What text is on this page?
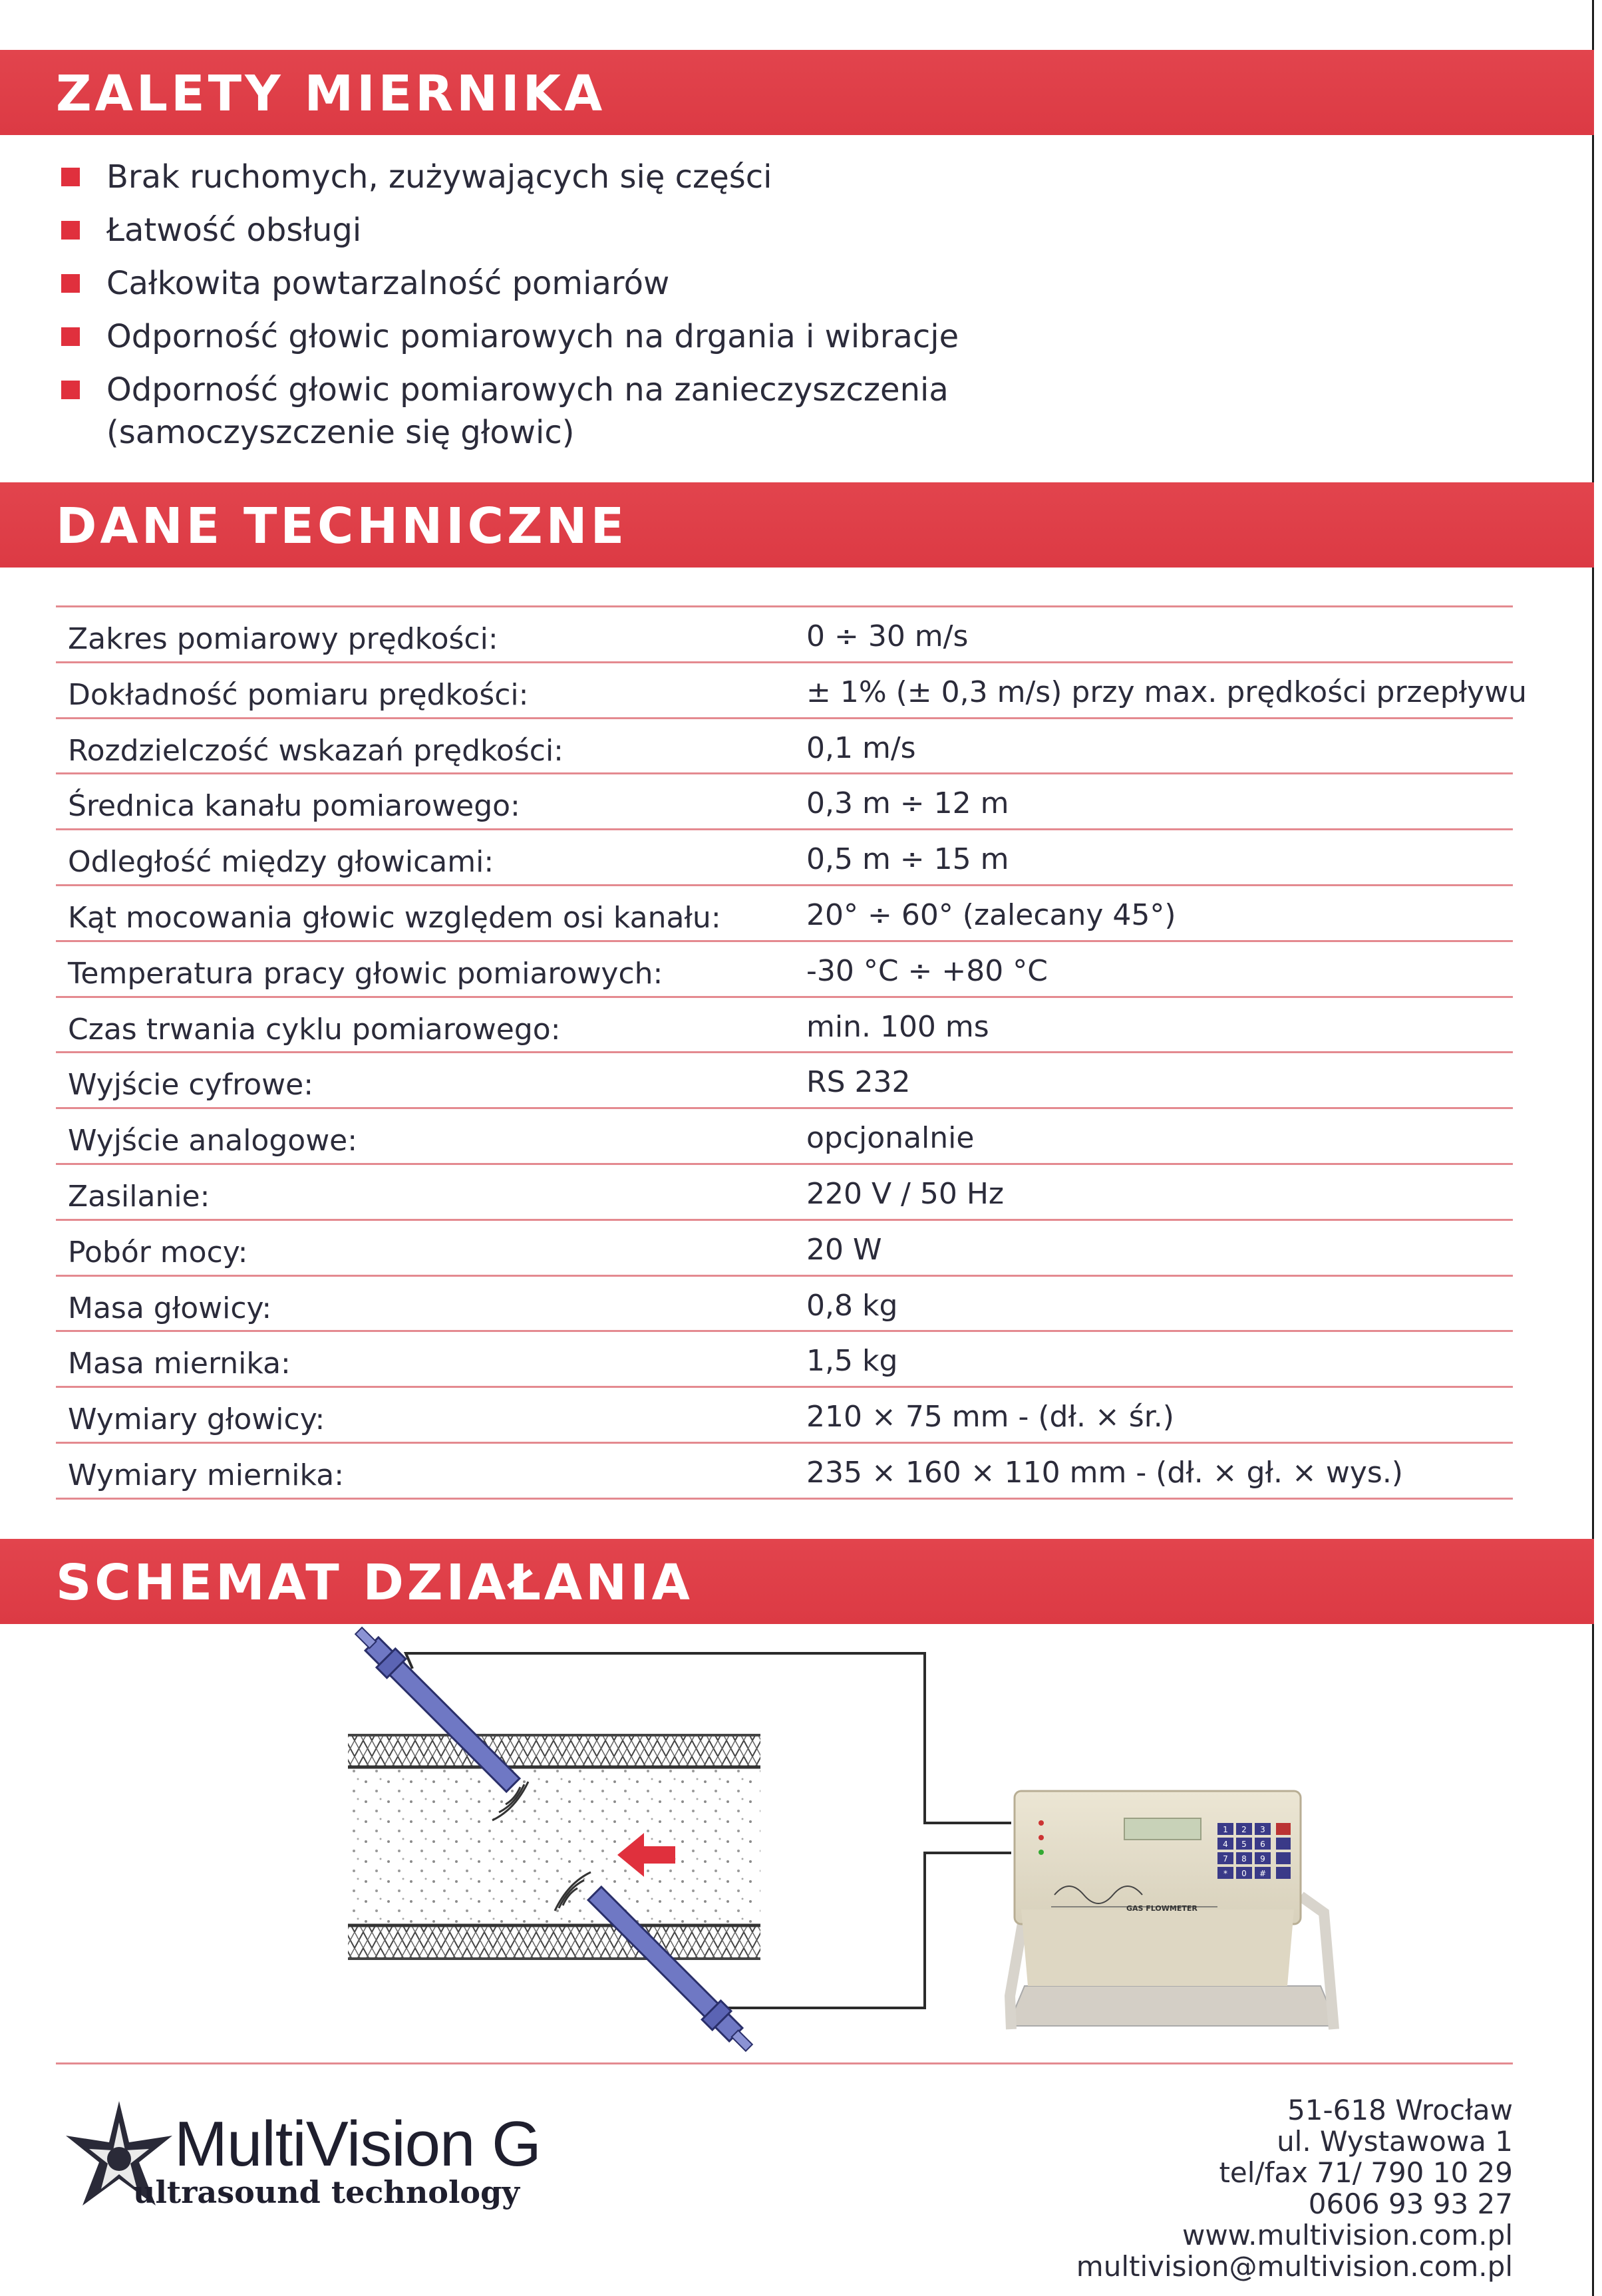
ZALETY MIERNIKA
Brak ruchomych, zużywających się części
Łatwość obsługi
Całkowita powtarzalność pomiarów
Odporność głowic pomiarowych na drgania i wibracje
Odporność głowic pomiarowych na zanieczyszczenia
(samoczyszczenie się głowic)
DANE TECHNICZNE
Zakres pomiarowy prędkości:	0 ÷ 30 m/s
Dokładność pomiaru prędkości:	± 1% (± 0,3 m/s) przy max. prędkości przepływu
Rozdzielczość wskazań prędkości:	0,1 m/s
Średnica kanału pomiarowego:	0,3 m ÷ 12 m
Odległość między głowicami:	0,5 m ÷ 15 m
Kąt mocowania głowic względem osi kanału:	20° ÷ 60° (zalecany 45°)
Temperatura pracy głowic pomiarowych:	-30 °C ÷ +80 °C
Czas trwania cyklu pomiarowego:	min. 100 ms
Wyjście cyfrowe:	RS 232
Wyjście analogowe:	opcjonalnie
Zasilanie:	220 V / 50 Hz
Pobór mocy:	20 W
Masa głowicy:	0,8 kg
Masa miernika:	1,5 kg
Wymiary głowicy:	210 × 75 mm - (dł. × śr.)
Wymiary miernika:	235 × 160 × 110 mm - (dł. × gł. × wys.)
SCHEMAT DZIAŁANIA
1 2 3
4 5 6
7 8 9
* 0 #
GAS FLOWMETER
MultiVision G
ultrasound technology
51-618 Wrocław
ul. Wystawowa 1
tel/fax 71/ 790 10 29
0606 93 93 27
www.multivision.com.pl
multivision@multivision.com.pl
